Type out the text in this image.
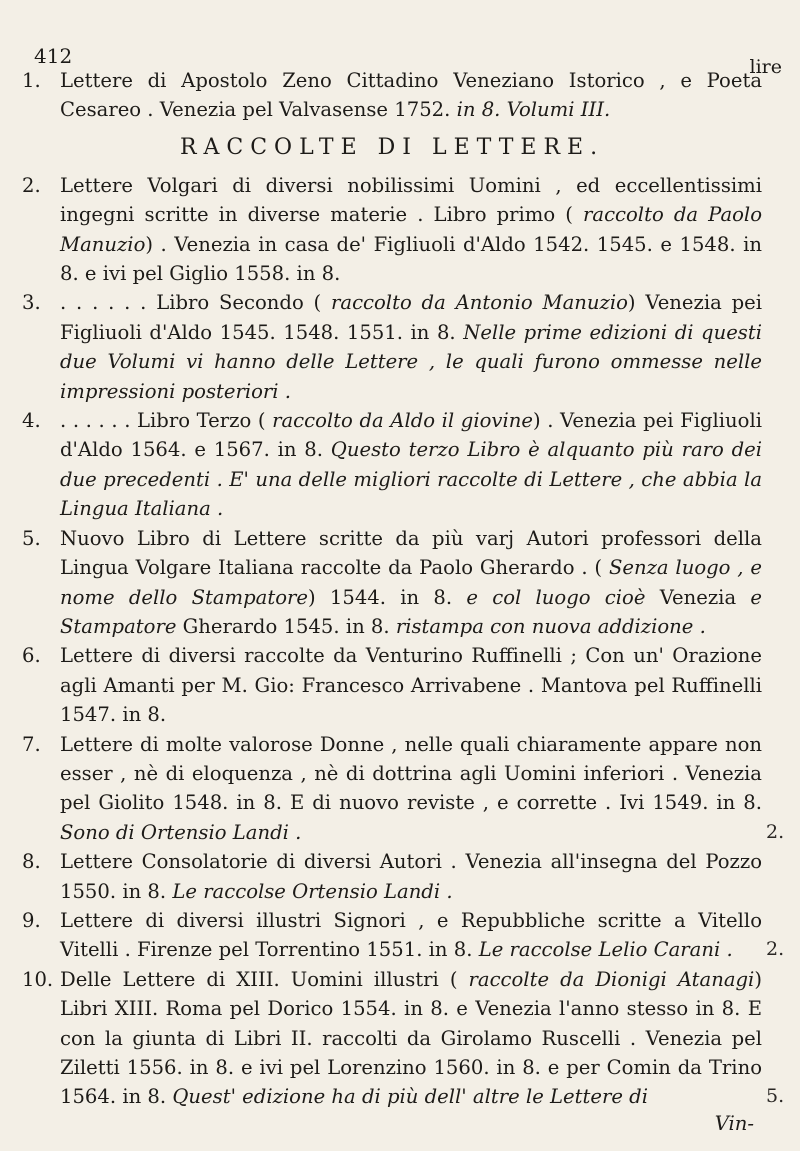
412	lire

1. Lettere di Apostolo Zeno Cittadino Veneziano Istorico , e Poeta Cesareo . Venezia pel Valvasense 1752. in 8. Volumi III.

RACCOLTE DI LETTERE.

2. Lettere Volgari di diversi nobilissimi Uomini , ed eccellentissimi ingegni scritte in diverse materie . Libro primo ( raccolto da Paolo Manuzio) . Venezia in casa de' Figliuoli d'Aldo 1542. 1545. e 1548. in 8. e ivi pel Giglio 1558. in 8.

3. . . . . . . Libro Secondo ( raccolto da Antonio Manuzio) Venezia pei Figliuoli d'Aldo 1545. 1548. 1551. in 8. Nelle prime edizioni di questi due Volumi vi hanno delle Lettere , le quali furono ommesse nelle impressioni posteriori .

4. . . . . . . Libro Terzo ( raccolto da Aldo il giovine) . Venezia pei Figliuoli d'Aldo 1564. e 1567. in 8. Questo terzo Libro è alquanto più raro dei due precedenti . E' una delle migliori raccolte di Lettere , che abbia la Lingua Italiana .

5. Nuovo Libro di Lettere scritte da più varj Autori professori della Lingua Volgare Italiana raccolte da Paolo Gherardo . ( Senza luogo , e nome dello Stampatore) 1544. in 8. e col luogo cioè Venezia e Stampatore Gherardo 1545. in 8. ristampa con nuova addizione .

6. Lettere di diversi raccolte da Venturino Ruffinelli ; Con un' Orazione agli Amanti per M. Gio: Francesco Arrivabene . Mantova pel Ruffinelli 1547. in 8.

7. Lettere di molte valorose Donne , nelle quali chiaramente appare non esser , nè di eloquenza , nè di dottrina agli Uomini inferiori . Venezia pel Giolito 1548. in 8. E di nuovo reviste , e corrette . Ivi 1549. in 8. Sono di Ortensio Landi .	2.

8. Lettere Consolatorie di diversi Autori . Venezia all'insegna del Pozzo 1550. in 8. Le raccolse Ortensio Landi .

9. Lettere di diversi illustri Signori , e Repubbliche scritte a Vitello Vitelli . Firenze pel Torrentino 1551. in 8. Le raccolse Lelio Carani . 2.

10. Delle Lettere di XIII. Uomini illustri ( raccolte da Dionigi Atanagi) Libri XIII. Roma pel Dorico 1554. in 8. e Venezia l'anno stesso in 8. E con la giunta di Libri II. raccolti da Girolamo Ruscelli . Venezia pel Ziletti 1556. in 8. e ivi pel Lorenzino 1560. in 8. e per Comin da Trino 1564. in 8. Quest' edizione ha di più dell' altre le Lettere di	5.

Vin-
